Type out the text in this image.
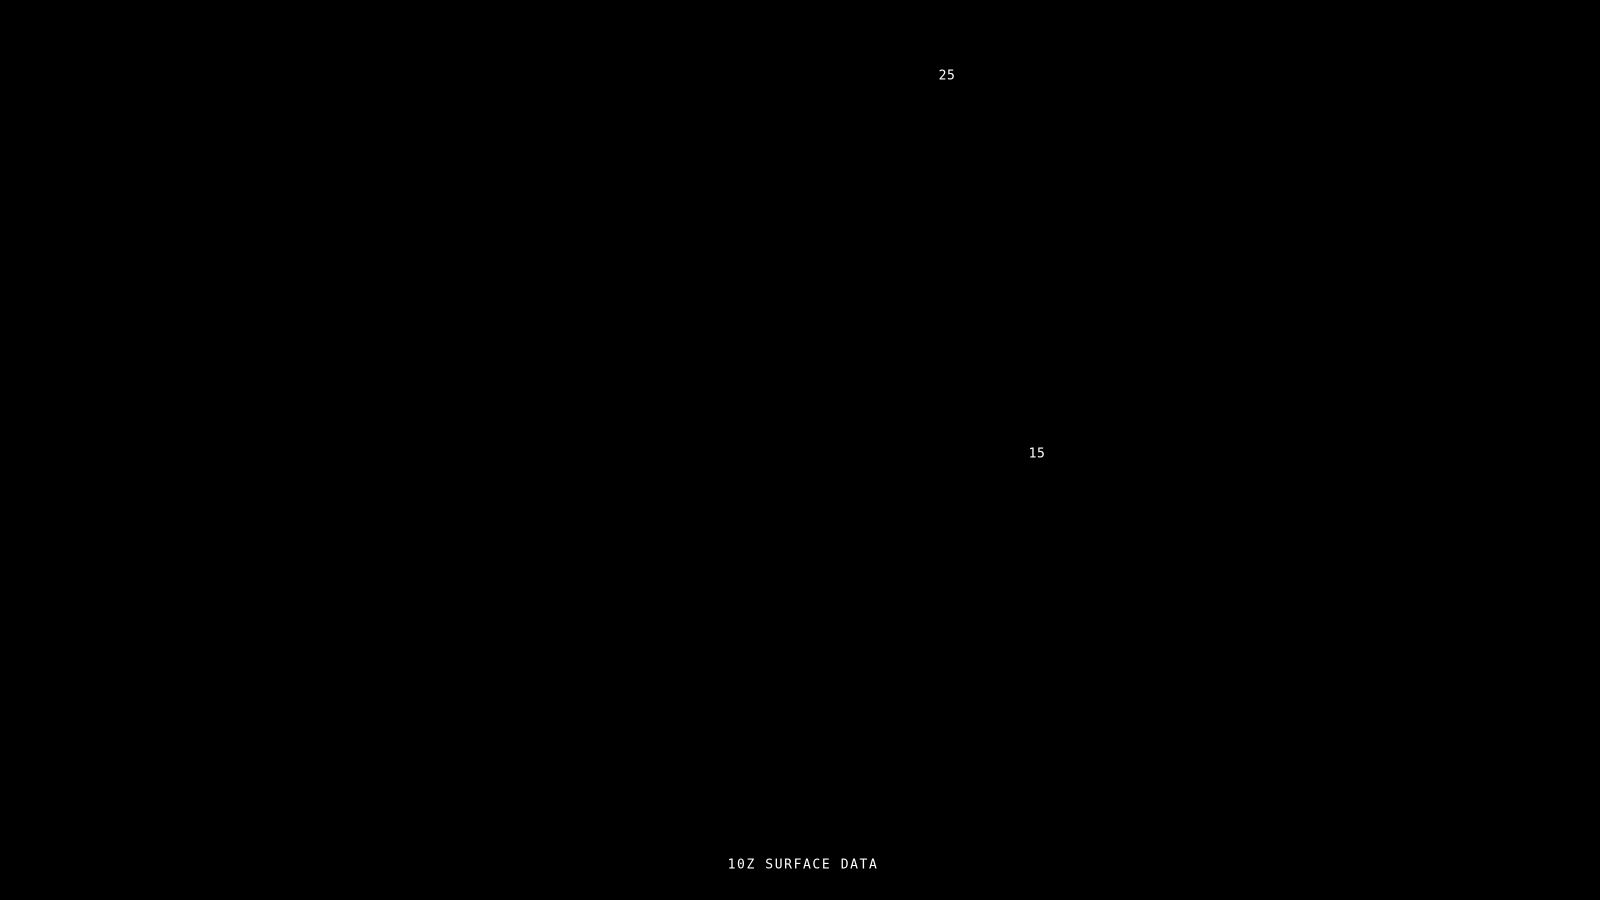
25
15
10Z SURFACE DATA
